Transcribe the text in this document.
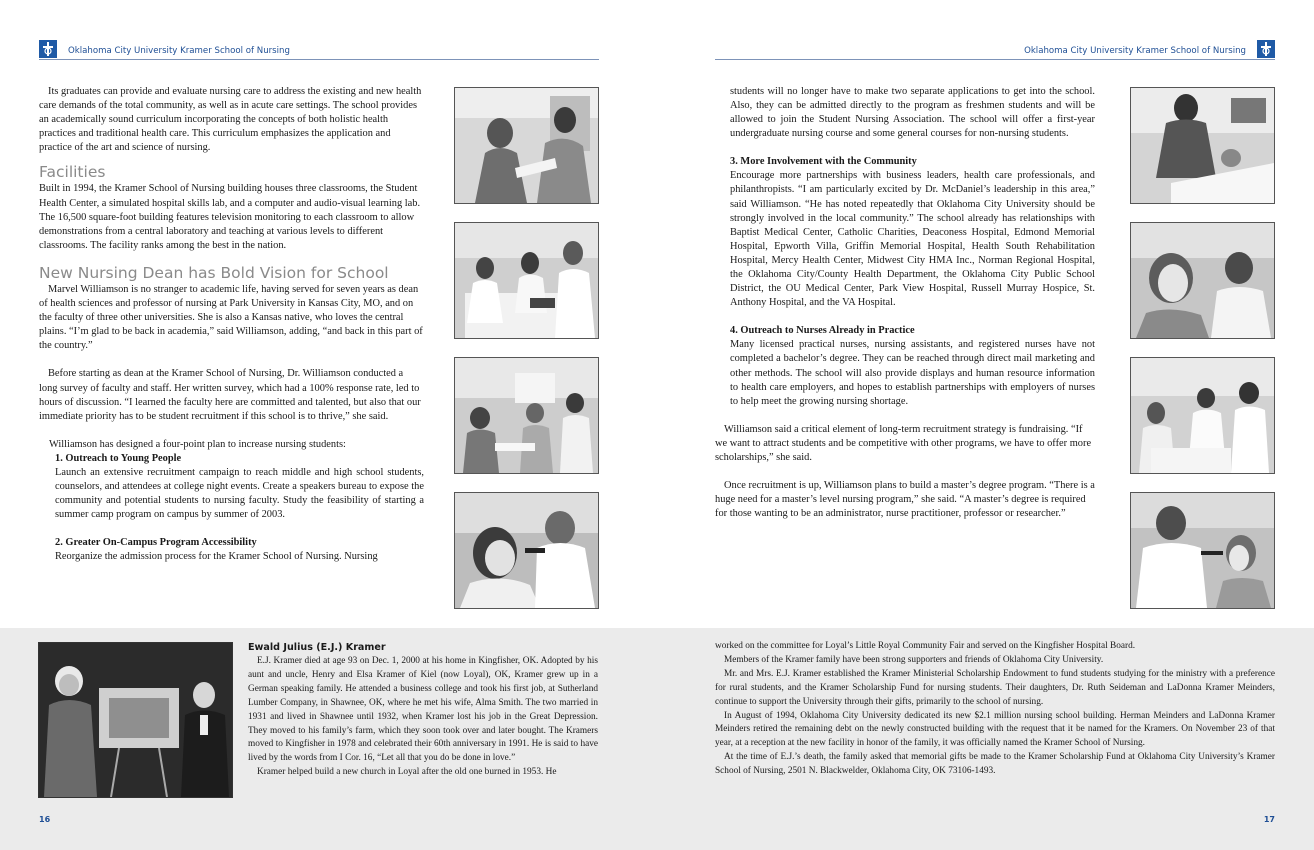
Oklahoma City University Kramer School of Nursing	Oklahoma City University Kramer School of Nursing

Its graduates can provide and evaluate nursing care to address the existing and new health care demands of the total community, as well as in acute care settings. The school provides an academically sound curriculum incorporating the concepts of both holistic health practices and traditional health care. This curriculum emphasizes the application and practice of the art and science of nursing.

Facilities

Built in 1994, the Kramer School of Nursing building houses three classrooms, the Student Health Center, a simulated hospital skills lab, and a computer and audio-visual learning lab. The 16,500 square-foot building features television monitoring to each classroom to allow demonstrations from a central laboratory and teaching at various levels to different classrooms. The facility ranks among the best in the nation.

New Nursing Dean has Bold Vision for School

Marvel Williamson is no stranger to academic life, having served for seven years as dean of health sciences and professor of nursing at Park University in Kansas City, MO, and on the faculty of three other universities. She is also a Kansas native, who loves the central plains. “I’m glad to be back in academia,” said Williamson, adding, “and back in this part of the country.”

Before starting as dean at the Kramer School of Nursing, Dr. Williamson conducted a long survey of faculty and staff. Her written survey, which had a 100% response rate, led to hours of discussion. “I learned the faculty here are committed and talented, but also that our immediate priority has to be student recruitment if this school is to thrive,” she said.

Williamson has designed a four-point plan to increase nursing students:

1. Outreach to Young People

Launch an extensive recruitment campaign to reach middle and high school students, counselors, and attendees at college night events. Create a speakers bureau to expose the community and potential students to nursing faculty. Study the feasibility of starting a summer camp program on campus by summer of 2003.

2. Greater On-Campus Program Accessibility

Reorganize the admission process for the Kramer School of Nursing. Nursing

students will no longer have to make two separate applications to get into the school. Also, they can be admitted directly to the program as freshmen students and will be allowed to join the Student Nursing Association. The school will offer a first-year undergraduate nursing course and some general courses for non-nursing students.

3. More Involvement with the Community

Encourage more partnerships with business leaders, health care professionals, and philanthropists. “I am particularly excited by Dr. McDaniel’s leadership in this area,” said Williamson. “He has noted repeatedly that Oklahoma City University should be strongly involved in the local community.” The school already has relationships with Baptist Medical Center, Catholic Charities, Deaconess Hospital, Edmond Memorial Hospital, Epworth Villa, Griffin Memorial Hospital, Health South Rehabilitation Hospital, Mercy Health Center, Midwest City HMA Inc., Norman Regional Hospital, the Oklahoma City/County Health Department, the Oklahoma City Public School District, the OU Medical Center, Park View Hospital, Russell Murray Hospice, St. Anthony Hospital, and the VA Hospital.

4. Outreach to Nurses Already in Practice

Many licensed practical nurses, nursing assistants, and registered nurses have not completed a bachelor’s degree. They can be reached through direct mail marketing and other methods. The school will also provide displays and human resource information to health care employers, and hopes to establish partnerships with employers of nurses to help meet the growing nursing shortage.

Williamson said a critical element of long-term recruitment strategy is fundraising. “If we want to attract students and be competitive with other programs, we have to offer more scholarships,” she said.

Once recruitment is up, Williamson plans to build a master’s degree program. “There is a huge need for a master’s level nursing program,” she said. “A master’s degree is required for those wanting to be an administrator, nurse practitioner, professor or researcher.”

Ewald Julius (E.J.) Kramer

E.J. Kramer died at age 93 on Dec. 1, 2000 at his home in Kingfisher, OK. Adopted by his aunt and uncle, Henry and Elsa Kramer of Kiel (now Loyal), OK, Kramer grew up in a German speaking family. He attended a business college and took his first job, at Sutherland Lumber Company, in Shawnee, OK, where he met his wife, Alma Smith. The two married in 1931 and lived in Shawnee until 1932, when Kramer lost his job in the Great Depression. They moved to his family’s farm, which they soon took over and later bought. The Kramers moved to Kingfisher in 1978 and celebrated their 60th anniversary in 1991. He is said to have lived by the words from I Cor. 16, “Let all that you do be done in love.”

Kramer helped build a new church in Loyal after the old one burned in 1953. He

worked on the committee for Loyal’s Little Royal Community Fair and served on the Kingfisher Hospital Board.

Members of the Kramer family have been strong supporters and friends of Oklahoma City University.

Mr. and Mrs. E.J. Kramer established the Kramer Ministerial Scholarship Endowment to fund students studying for the ministry with a preference for rural students, and the Kramer Scholarship Fund for nursing students. Their daughters, Dr. Ruth Seideman and LaDonna Kramer Meinders, continue to support the University through their gifts, primarily to the school of nursing.

In August of 1994, Oklahoma City University dedicated its new $2.1 million nursing school building. Herman Meinders and LaDonna Kramer Meinders retired the remaining debt on the newly constructed building with the request that it be named for the Kramers. On November 23 of that year, at a reception at the new facility in honor of the family, it was officially named the Kramer School of Nursing.

At the time of E.J.’s death, the family asked that memorial gifts be made to the Kramer Scholarship Fund at Oklahoma City University’s Kramer School of Nursing, 2501 N. Blackwelder, Oklahoma City, OK 73106-1493.

16	17
